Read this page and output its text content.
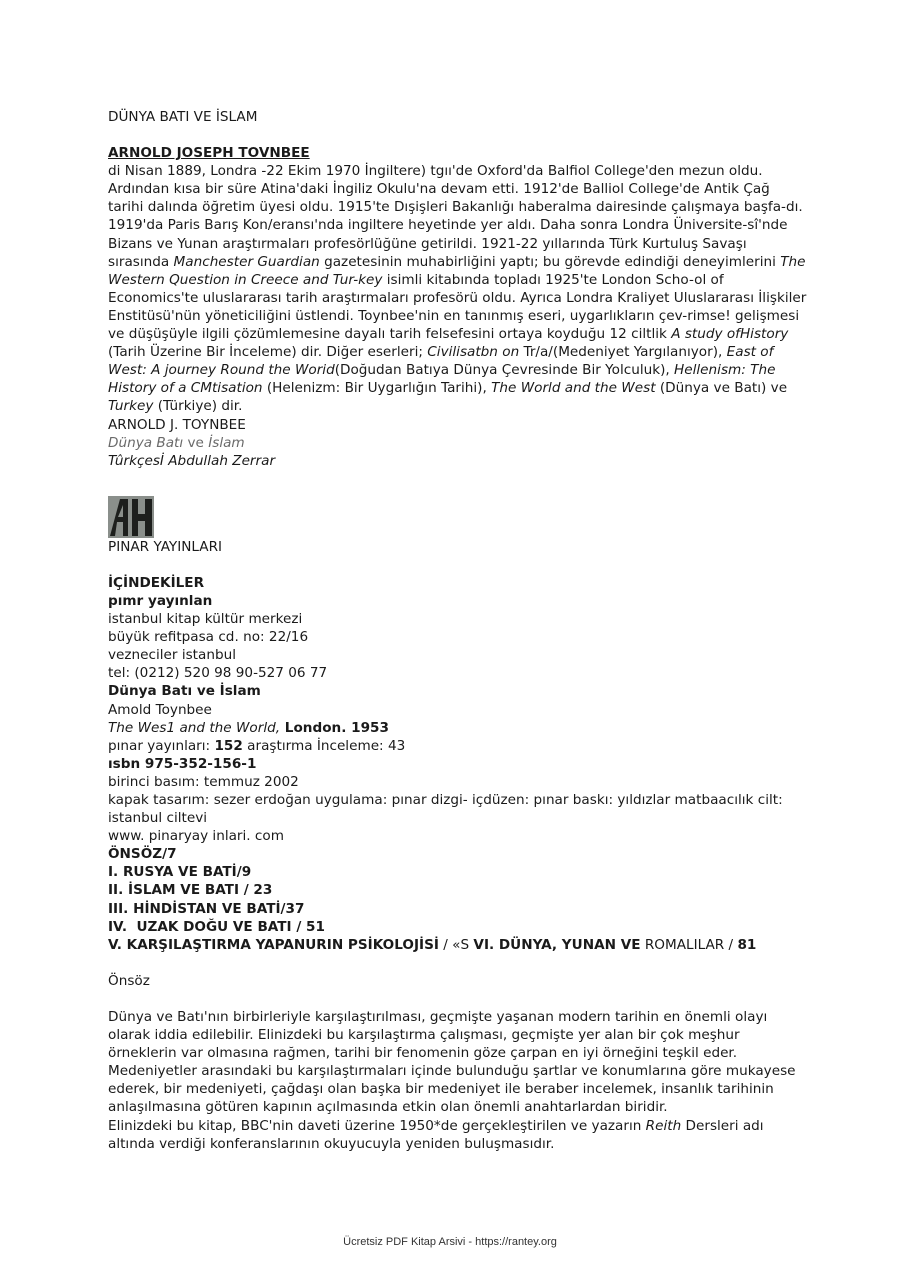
DÜNYA BATI VE İSLAM

ARNOLD JOSEPH TOVNBEE

di Nisan 1889, Londra -22 Ekim 1970 İngiltere) tgıı'de Oxford'da Balfiol College'den mezun oldu. Ardından kısa bir süre Atina'daki İngiliz Okulu'na devam etti. 1912'de Balliol College'de Antik Çağ tarihi dalında öğretim üyesi oldu. 1915'te Dışişleri Bakanlığı haberalma dairesinde çalışmaya başfa-dı. 1919'da Paris Barış Kon/eransı'nda ingiltere heyetinde yer aldı. Daha sonra Londra Üniversite-sî'nde Bizans ve Yunan araştırmaları profesörlüğüne getirildi. 1921-22 yıllarında Türk Kurtuluş Savaşı sırasında Manchester Guardian gazetesinin muhabirliğini yaptı; bu görevde edindiği deneyimlerini The Western Question in Creece and Tur-key isimli kitabında topladı 1925'te London Scho-ol of Economics'te uluslararası tarih araştırmaları profesörü oldu. Ayrıca Londra Kraliyet Uluslararası İlişkiler Enstitüsü'nün yöneticiliğini üstlendi. Toynbee'nin en tanınmış eseri, uygarlıkların çev-rimse! gelişmesi ve düşüşüyle ilgili çözümlemesine dayalı tarih felsefesini ortaya koyduğu 12 ciltlik A study ofHistory (Tarih Üzerine Bir İnceleme) dir. Diğer eserleri; Civilisatbn on Tr/a/(Medeniyet Yargılanıyor), East of West: A journey Round the Worid(Doğudan Batıya Dünya Çevresinde Bir Yolculuk), Hellenism: The History of a CMtisation (Helenizm: Bir Uygarlığın Tarihi), The World and the West (Dünya ve Batı) ve Turkey (Türkiye) dir.

ARNOLD J. TOYNBEE

Dünya Batı ve İslam

Tûrkçesİ Abdullah Zerrar

PINAR YAYINLARI

İÇİNDEKİLER

pımr yayınlan

istanbul kitap kültür merkezi

büyük refitpasa cd. no: 22/16

vezneciler istanbul

tel: (0212) 520 98 90-527 06 77

Dünya Batı ve İslam

Amold Toynbee

The Wes1 and the World, London. 1953

pınar yayınları: 152 araştırma İnceleme: 43

ısbn 975-352-156-1

birinci basım: temmuz 2002

kapak tasarım: sezer erdoğan uygulama: pınar dizgi- içdüzen: pınar baskı: yıldızlar matbaacılık cilt: istanbul ciltevi

www. pinaryay inlari. com

ÖNSÖZ/7

I. RUSYA VE BATİ/9

II. İSLAM VE BATI / 23

III. HİNDİSTAN VE BATİ/37

IV.  UZAK DOĞU VE BATI / 51

V. KARŞILAŞTIRMA YAPANURIN PSİKOLOJİSİ / «S VI. DÜNYA, YUNAN VE ROMALILAR / 81

Önsöz

Dünya ve Batı'nın birbirleriyle karşılaştırılması, geçmişte yaşanan modern tarihin en önemli olayı olarak iddia edilebilir. Elinizdeki bu karşılaştırma çalışması, geçmişte yer alan bir çok meşhur örneklerin var olmasına rağmen, tarihi bir fenomenin göze çarpan en iyi örneğini teşkil eder. Medeniyetler arasındaki bu karşılaştırmaları içinde bulunduğu şartlar ve konumlarına göre mukayese ederek, bir medeniyeti, çağdaşı olan başka bir medeniyet ile beraber incelemek, insanlık tarihinin anlaşılmasına götüren kapının açılmasında etkin olan önemli anahtarlardan biridir.

Elinizdeki bu kitap, BBC'nin daveti üzerine 1950*de gerçekleştirilen ve yazarın Reith Dersleri adı altında verdiği konferanslarının okuyucuyla yeniden buluşmasıdır.

Ücretsiz PDF Kitap Arsivi - https://rantey.org
